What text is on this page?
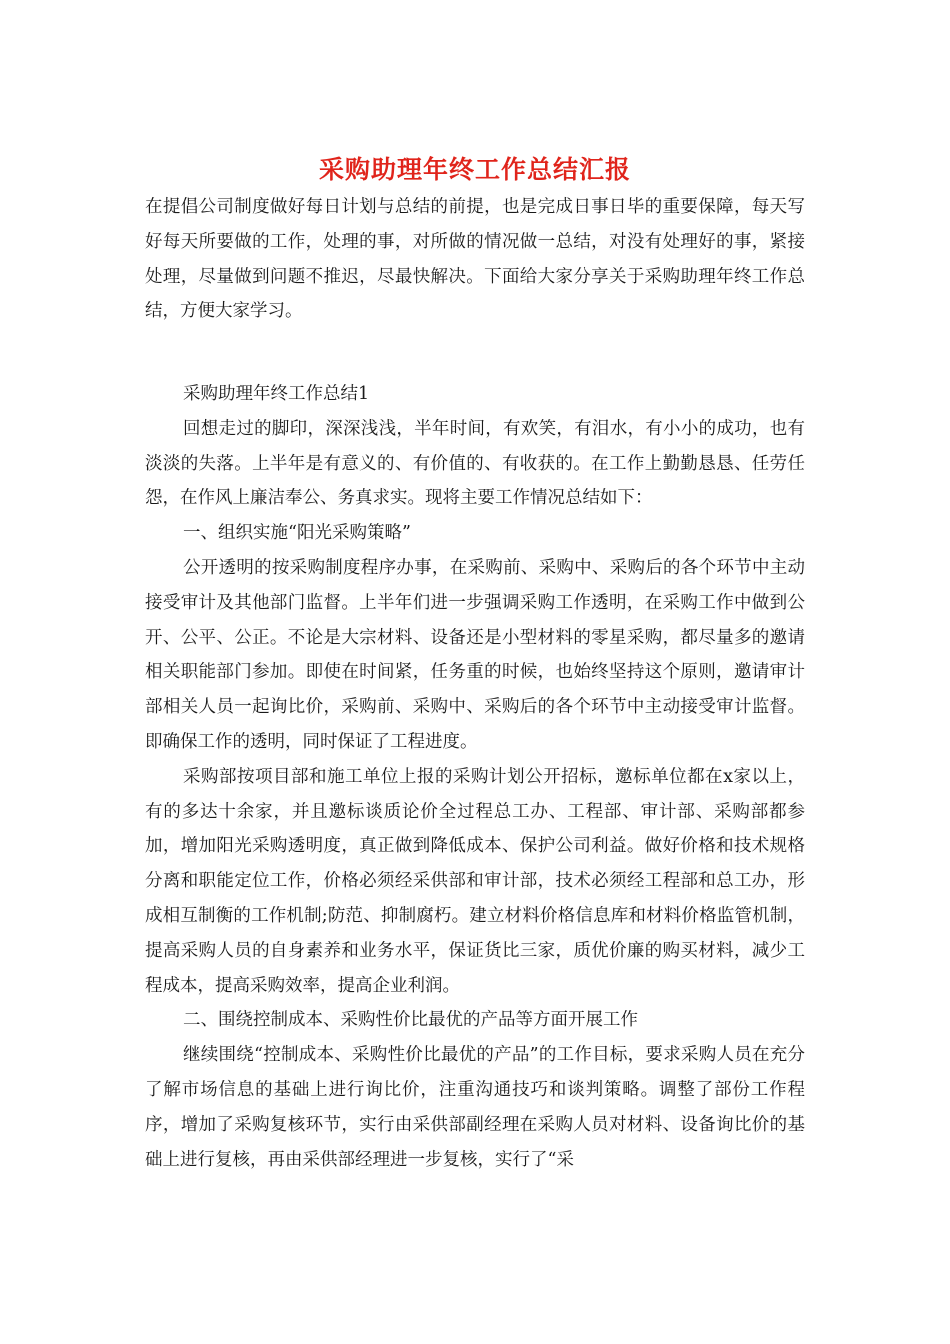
采购助理年终工作总结汇报

在提倡公司制度做好每日计划与总结的前提，也是完成日事日毕的重要保障，每天写好每天所要做的工作，处理的事，对所做的情况做一总结，对没有处理好的事，紧接处理，尽量做到问题不推迟，尽最快解决。下面给大家分享关于采购助理年终工作总结，方便大家学习。

采购助理年终工作总结1

回想走过的脚印，深深浅浅，半年时间，有欢笑，有泪水，有小小的成功，也有淡淡的失落。上半年是有意义的、有价值的、有收获的。在工作上勤勤恳恳、任劳任怨，在作风上廉洁奉公、务真求实。现将主要工作情况总结如下：

一、组织实施“阳光采购策略”

公开透明的按采购制度程序办事，在采购前、采购中、采购后的各个环节中主动接受审计及其他部门监督。上半年们进一步强调采购工作透明，在采购工作中做到公开、公平、公正。不论是大宗材料、设备还是小型材料的零星采购，都尽量多的邀请相关职能部门参加。即使在时间紧，任务重的时候，也始终坚持这个原则，邀请审计部相关人员一起询比价，采购前、采购中、采购后的各个环节中主动接受审计监督。即确保工作的透明，同时保证了工程进度。

采购部按项目部和施工单位上报的采购计划公开招标，邀标单位都在x家以上，有的多达十余家，并且邀标谈质论价全过程总工办、工程部、审计部、采购部都参加，增加阳光采购透明度，真正做到降低成本、保护公司利益。做好价格和技术规格分离和职能定位工作，价格必须经采供部和审计部，技术必须经工程部和总工办，形成相互制衡的工作机制;防范、抑制腐朽。建立材料价格信息库和材料价格监管机制，提高采购人员的自身素养和业务水平，保证货比三家，质优价廉的购买材料，减少工程成本，提高采购效率，提高企业利润。

二、围绕控制成本、采购性价比最优的产品等方面开展工作

继续围绕“控制成本、采购性价比最优的产品”的工作目标，要求采购人员在充分了解市场信息的基础上进行询比价，注重沟通技巧和谈判策略。调整了部份工作程序，增加了采购复核环节，实行由采供部副经理在采购人员对材料、设备询比价的基础上进行复核，再由采供部经理进一步复核，实行了“采
